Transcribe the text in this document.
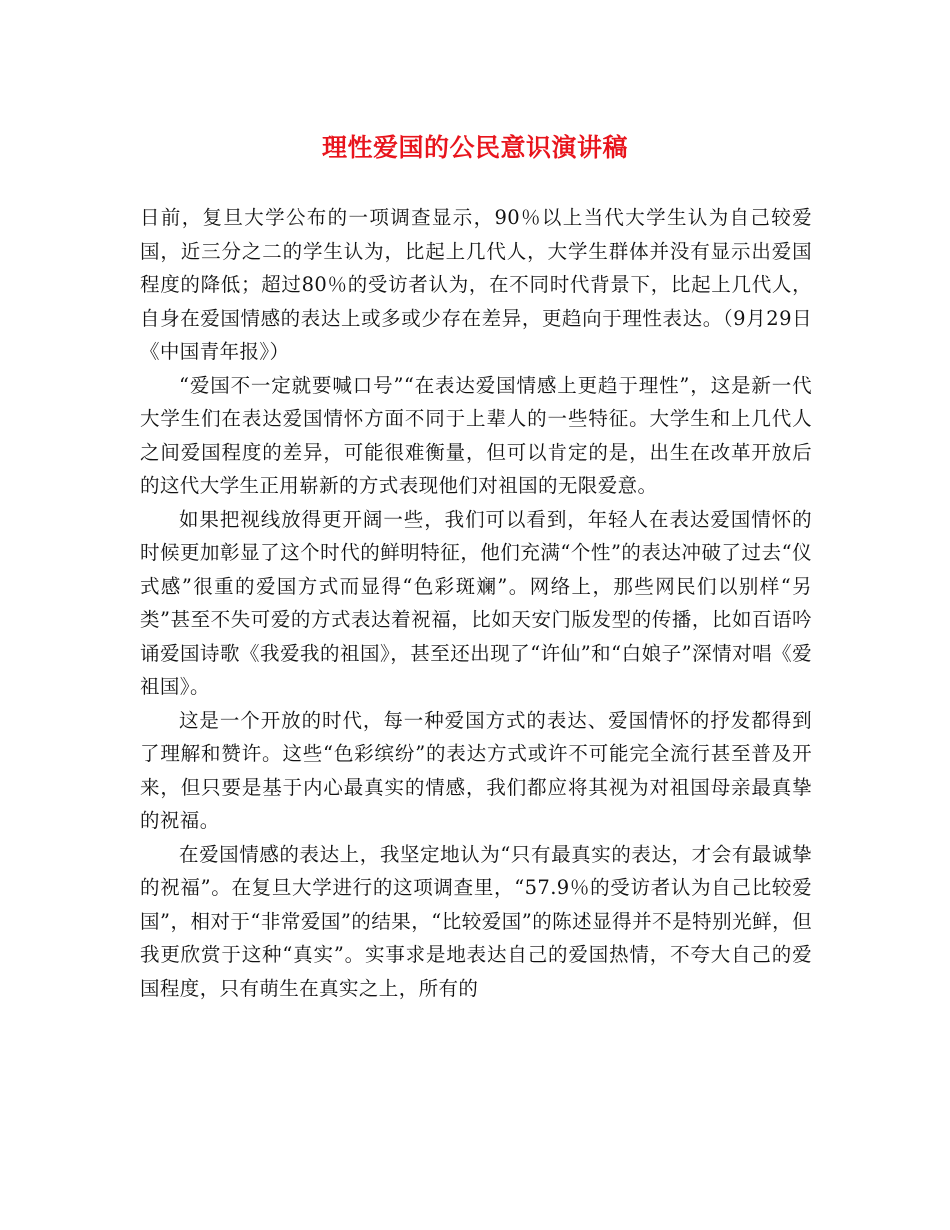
理性爱国的公民意识演讲稿

日前，复旦大学公布的一项调查显示，90％以上当代大学生认为自己较爱国，近三分之二的学生认为，比起上几代人，大学生群体并没有显示出爱国程度的降低；超过80％的受访者认为，在不同时代背景下，比起上几代人，自身在爱国情感的表达上或多或少存在差异，更趋向于理性表达。（9月29日《中国青年报》）

“爱国不一定就要喊口号”“在表达爱国情感上更趋于理性”，这是新一代大学生们在表达爱国情怀方面不同于上辈人的一些特征。大学生和上几代人之间爱国程度的差异，可能很难衡量，但可以肯定的是，出生在改革开放后的这代大学生正用崭新的方式表现他们对祖国的无限爱意。

如果把视线放得更开阔一些，我们可以看到，年轻人在表达爱国情怀的时候更加彰显了这个时代的鲜明特征，他们充满“个性”的表达冲破了过去“仪式感”很重的爱国方式而显得“色彩斑斓”。网络上，那些网民们以别样“另类”甚至不失可爱的方式表达着祝福，比如天安门版发型的传播，比如百语吟诵爱国诗歌《我爱我的祖国》，甚至还出现了“许仙”和“白娘子”深情对唱《爱祖国》。

这是一个开放的时代，每一种爱国方式的表达、爱国情怀的抒发都得到了理解和赞许。这些“色彩缤纷”的表达方式或许不可能完全流行甚至普及开来，但只要是基于内心最真实的情感，我们都应将其视为对祖国母亲最真挚的祝福。

在爱国情感的表达上，我坚定地认为“只有最真实的表达，才会有最诚挚的祝福”。在复旦大学进行的这项调查里，“57.9％的受访者认为自己比较爱国”，相对于“非常爱国”的结果，“比较爱国”的陈述显得并不是特别光鲜，但我更欣赏于这种“真实”。实事求是地表达自己的爱国热情，不夸大自己的爱国程度，只有萌生在真实之上，所有的
